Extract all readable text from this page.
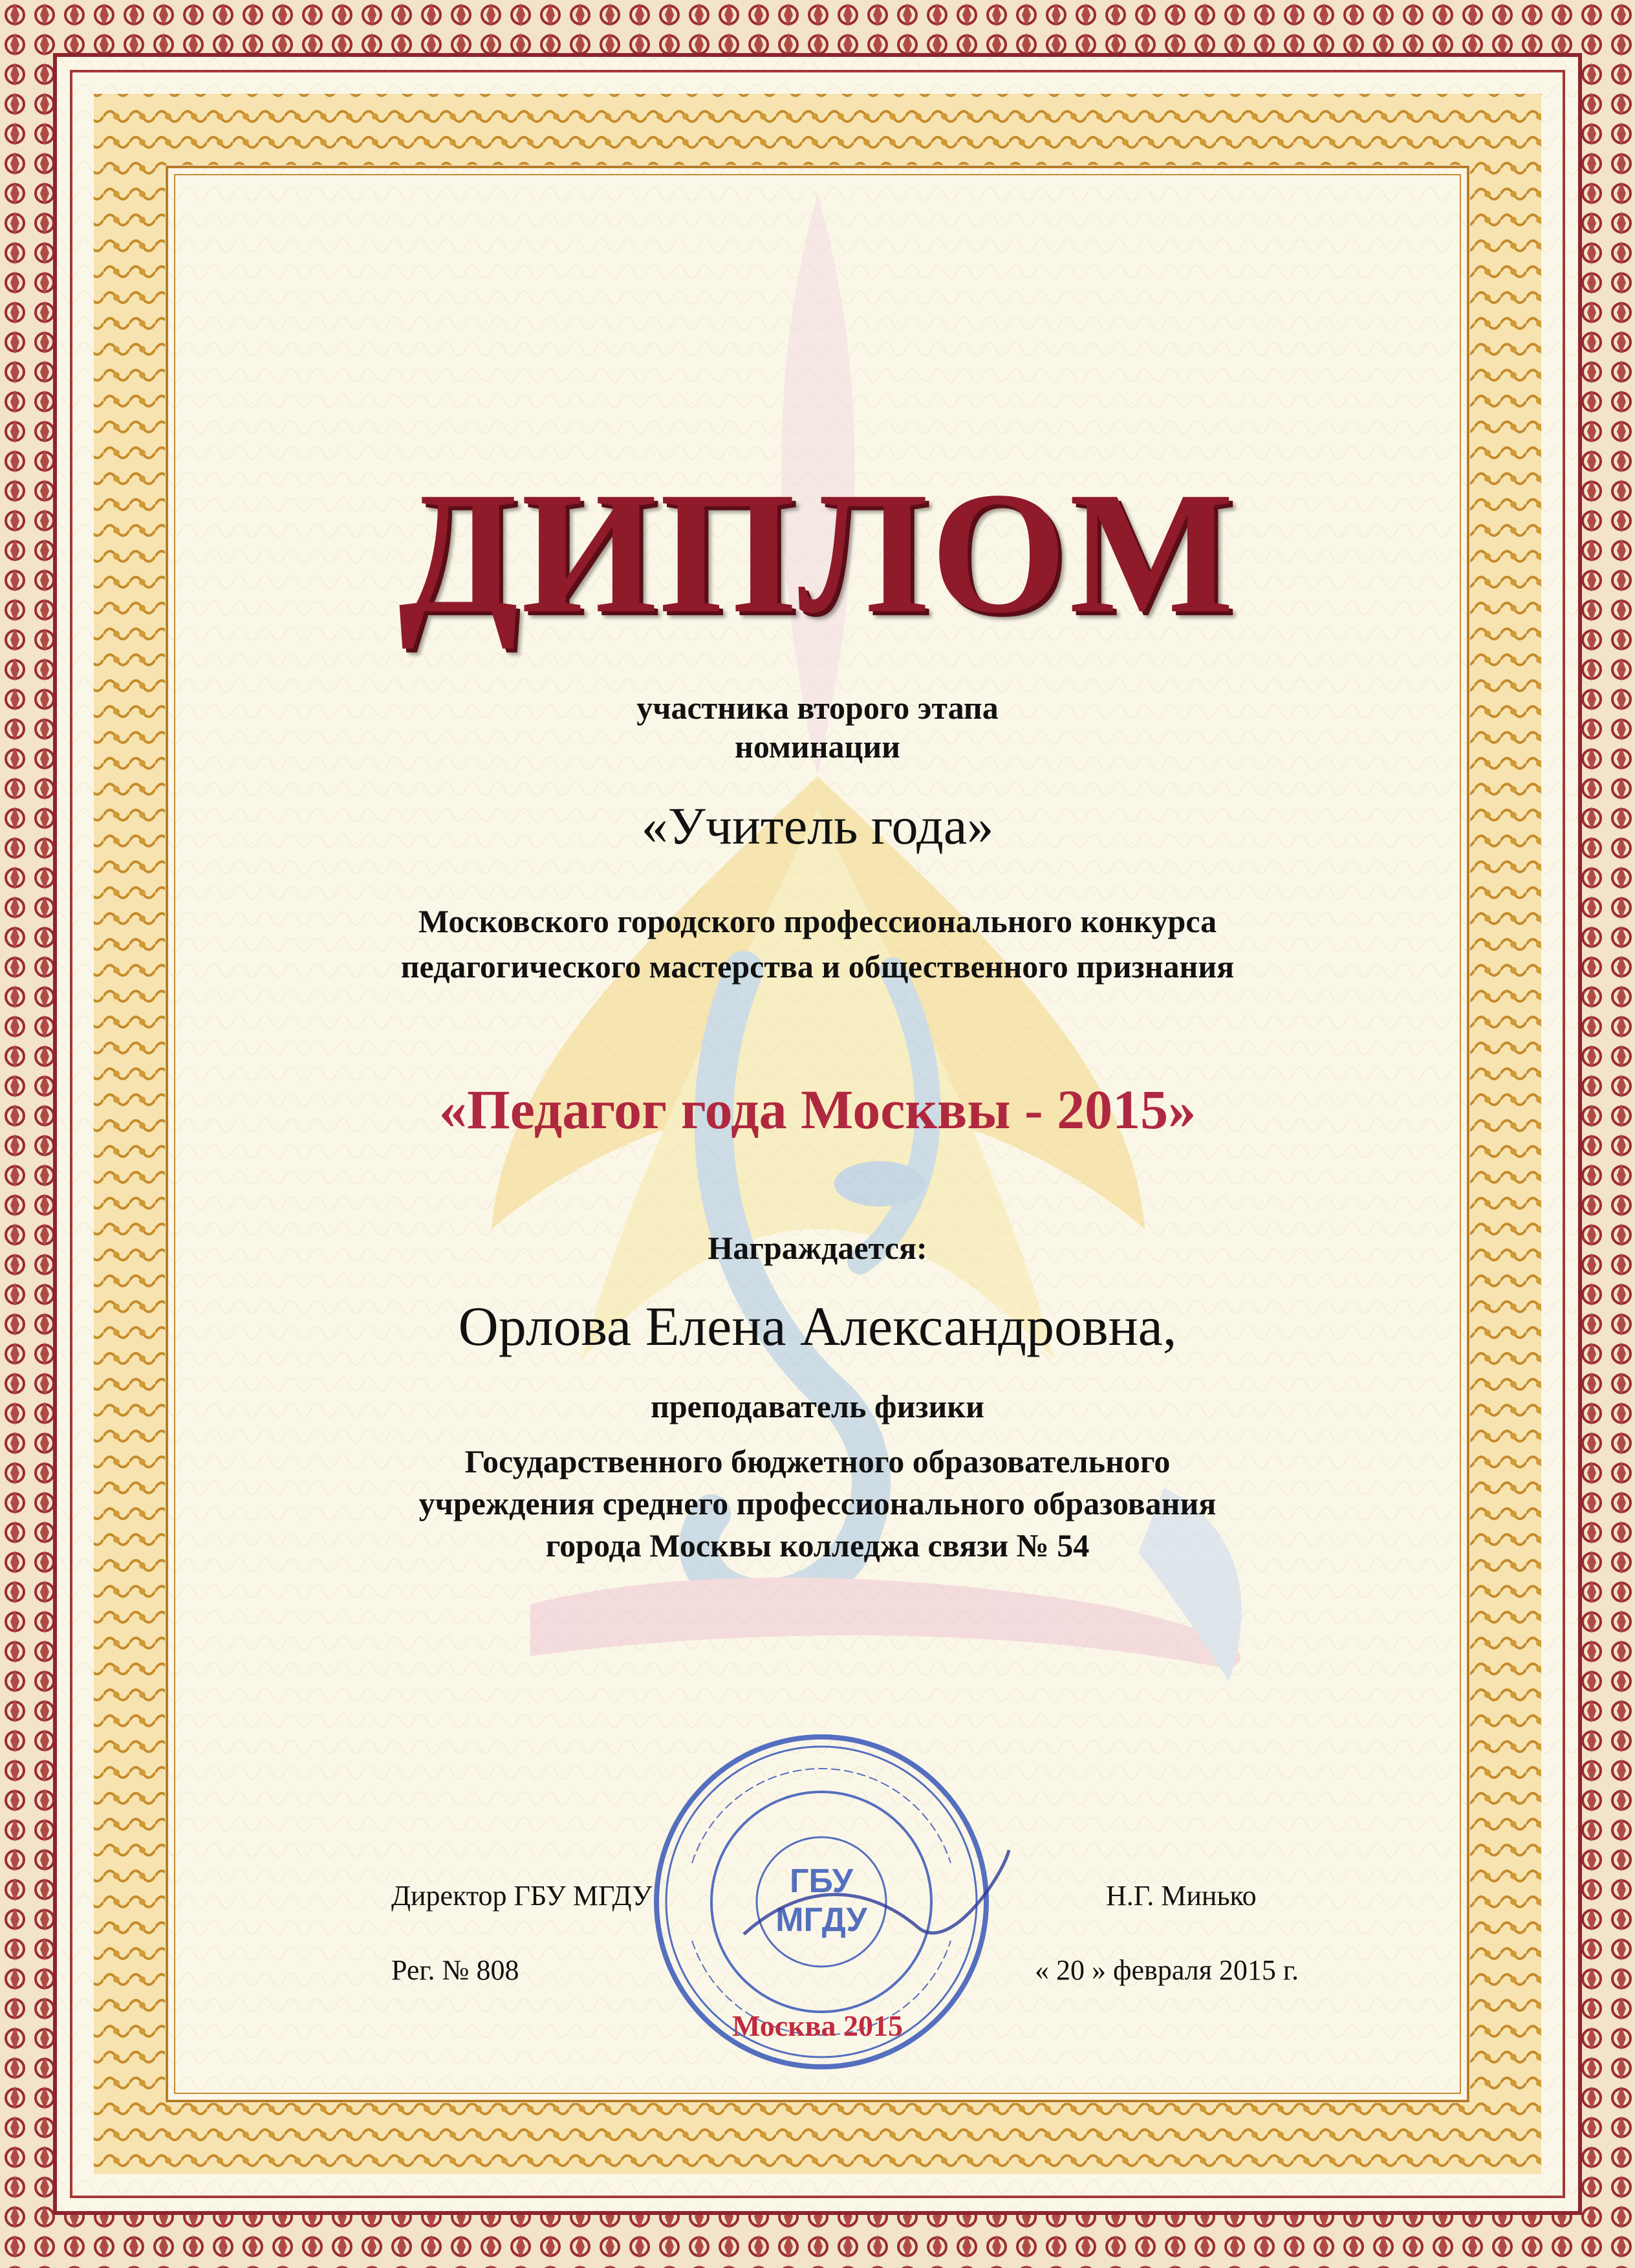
ГБУ
МГДУ
ДИПЛОМ
участника второго этапа
номинации
«Учитель года»
Московского городского профессионального конкурса
педагогического мастерства и общественного признания
«Педагог года Москвы - 2015»
Награждается:
Орлова Елена Александровна,
преподаватель физики
Государственного бюджетного образовательного
учреждения среднего профессионального образования
города Москвы колледжа связи № 54
Директор ГБУ МГДУ	Н.Г. Минько
Рег. № 808	« 20 » февраля 2015 г.
Москва 2015
